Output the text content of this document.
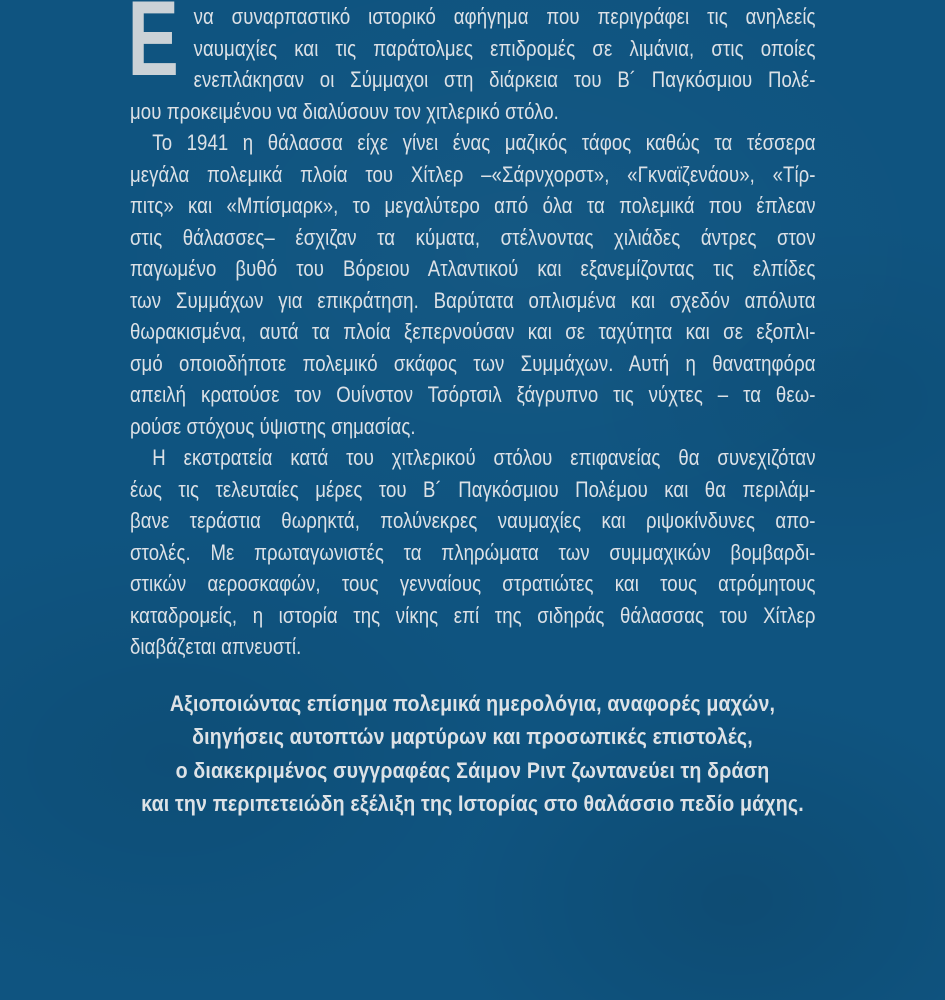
Ε να συναρπαστικό ιστορικό αφήγημα που περιγράφει τις ανηλεείς
ναυμαχίες και τις παράτολμες επιδρομές σε λιμάνια, στις οποίες
ενεπλάκησαν οι Σύμμαχοι στη διάρκεια του Β´ Παγκόσμιου Πολέ-
μου προκειμένου να διαλύσουν τον χιτλερικό στόλο.
Το 1941 η θάλασσα είχε γίνει ένας μαζικός τάφος καθώς τα τέσσερα
μεγάλα πολεμικά πλοία του Χίτλερ –«Σάρνχορστ», «Γκναϊζενάου», «Τίρ-
πιτς» και «Μπίσμαρκ», το μεγαλύτερο από όλα τα πολεμικά που έπλεαν
στις θάλασσες– έσχιζαν τα κύματα, στέλνοντας χιλιάδες άντρες στον
παγωμένο βυθό του Βόρειου Ατλαντικού και εξανεμίζοντας τις ελπίδες
των Συμμάχων για επικράτηση. Βαρύτατα οπλισμένα και σχεδόν απόλυτα
θωρακισμένα, αυτά τα πλοία ξεπερνούσαν και σε ταχύτητα και σε εξοπλι-
σμό οποιοδήποτε πολεμικό σκάφος των Συμμάχων. Αυτή η θανατηφόρα
απειλή κρατούσε τον Ουίνστον Τσόρτσιλ ξάγρυπνο τις νύχτες – τα θεω-
ρούσε στόχους ύψιστης σημασίας.
Η εκστρατεία κατά του χιτλερικού στόλου επιφανείας θα συνεχιζόταν
έως τις τελευταίες μέρες του Β´ Παγκόσμιου Πολέμου και θα περιλάμ-
βανε τεράστια θωρηκτά, πολύνεκρες ναυμαχίες και ριψοκίνδυνες απο-
στολές. Με πρωταγωνιστές τα πληρώματα των συμμαχικών βομβαρδι-
στικών αεροσκαφών, τους γενναίους στρατιώτες και τους ατρόμητους
καταδρομείς, η ιστορία της νίκης επί της σιδηράς θάλασσας του Χίτλερ
διαβάζεται απνευστί.
Αξιοποιώντας επίσημα πολεμικά ημερολόγια, αναφορές μαχών,
διηγήσεις αυτοπτών μαρτύρων και προσωπικές επιστολές,
ο διακεκριμένος συγγραφέας Σάιμον Ριντ ζωντανεύει τη δράση
και την περιπετειώδη εξέλιξη της Ιστορίας στο θαλάσσιο πεδίο μάχης.
